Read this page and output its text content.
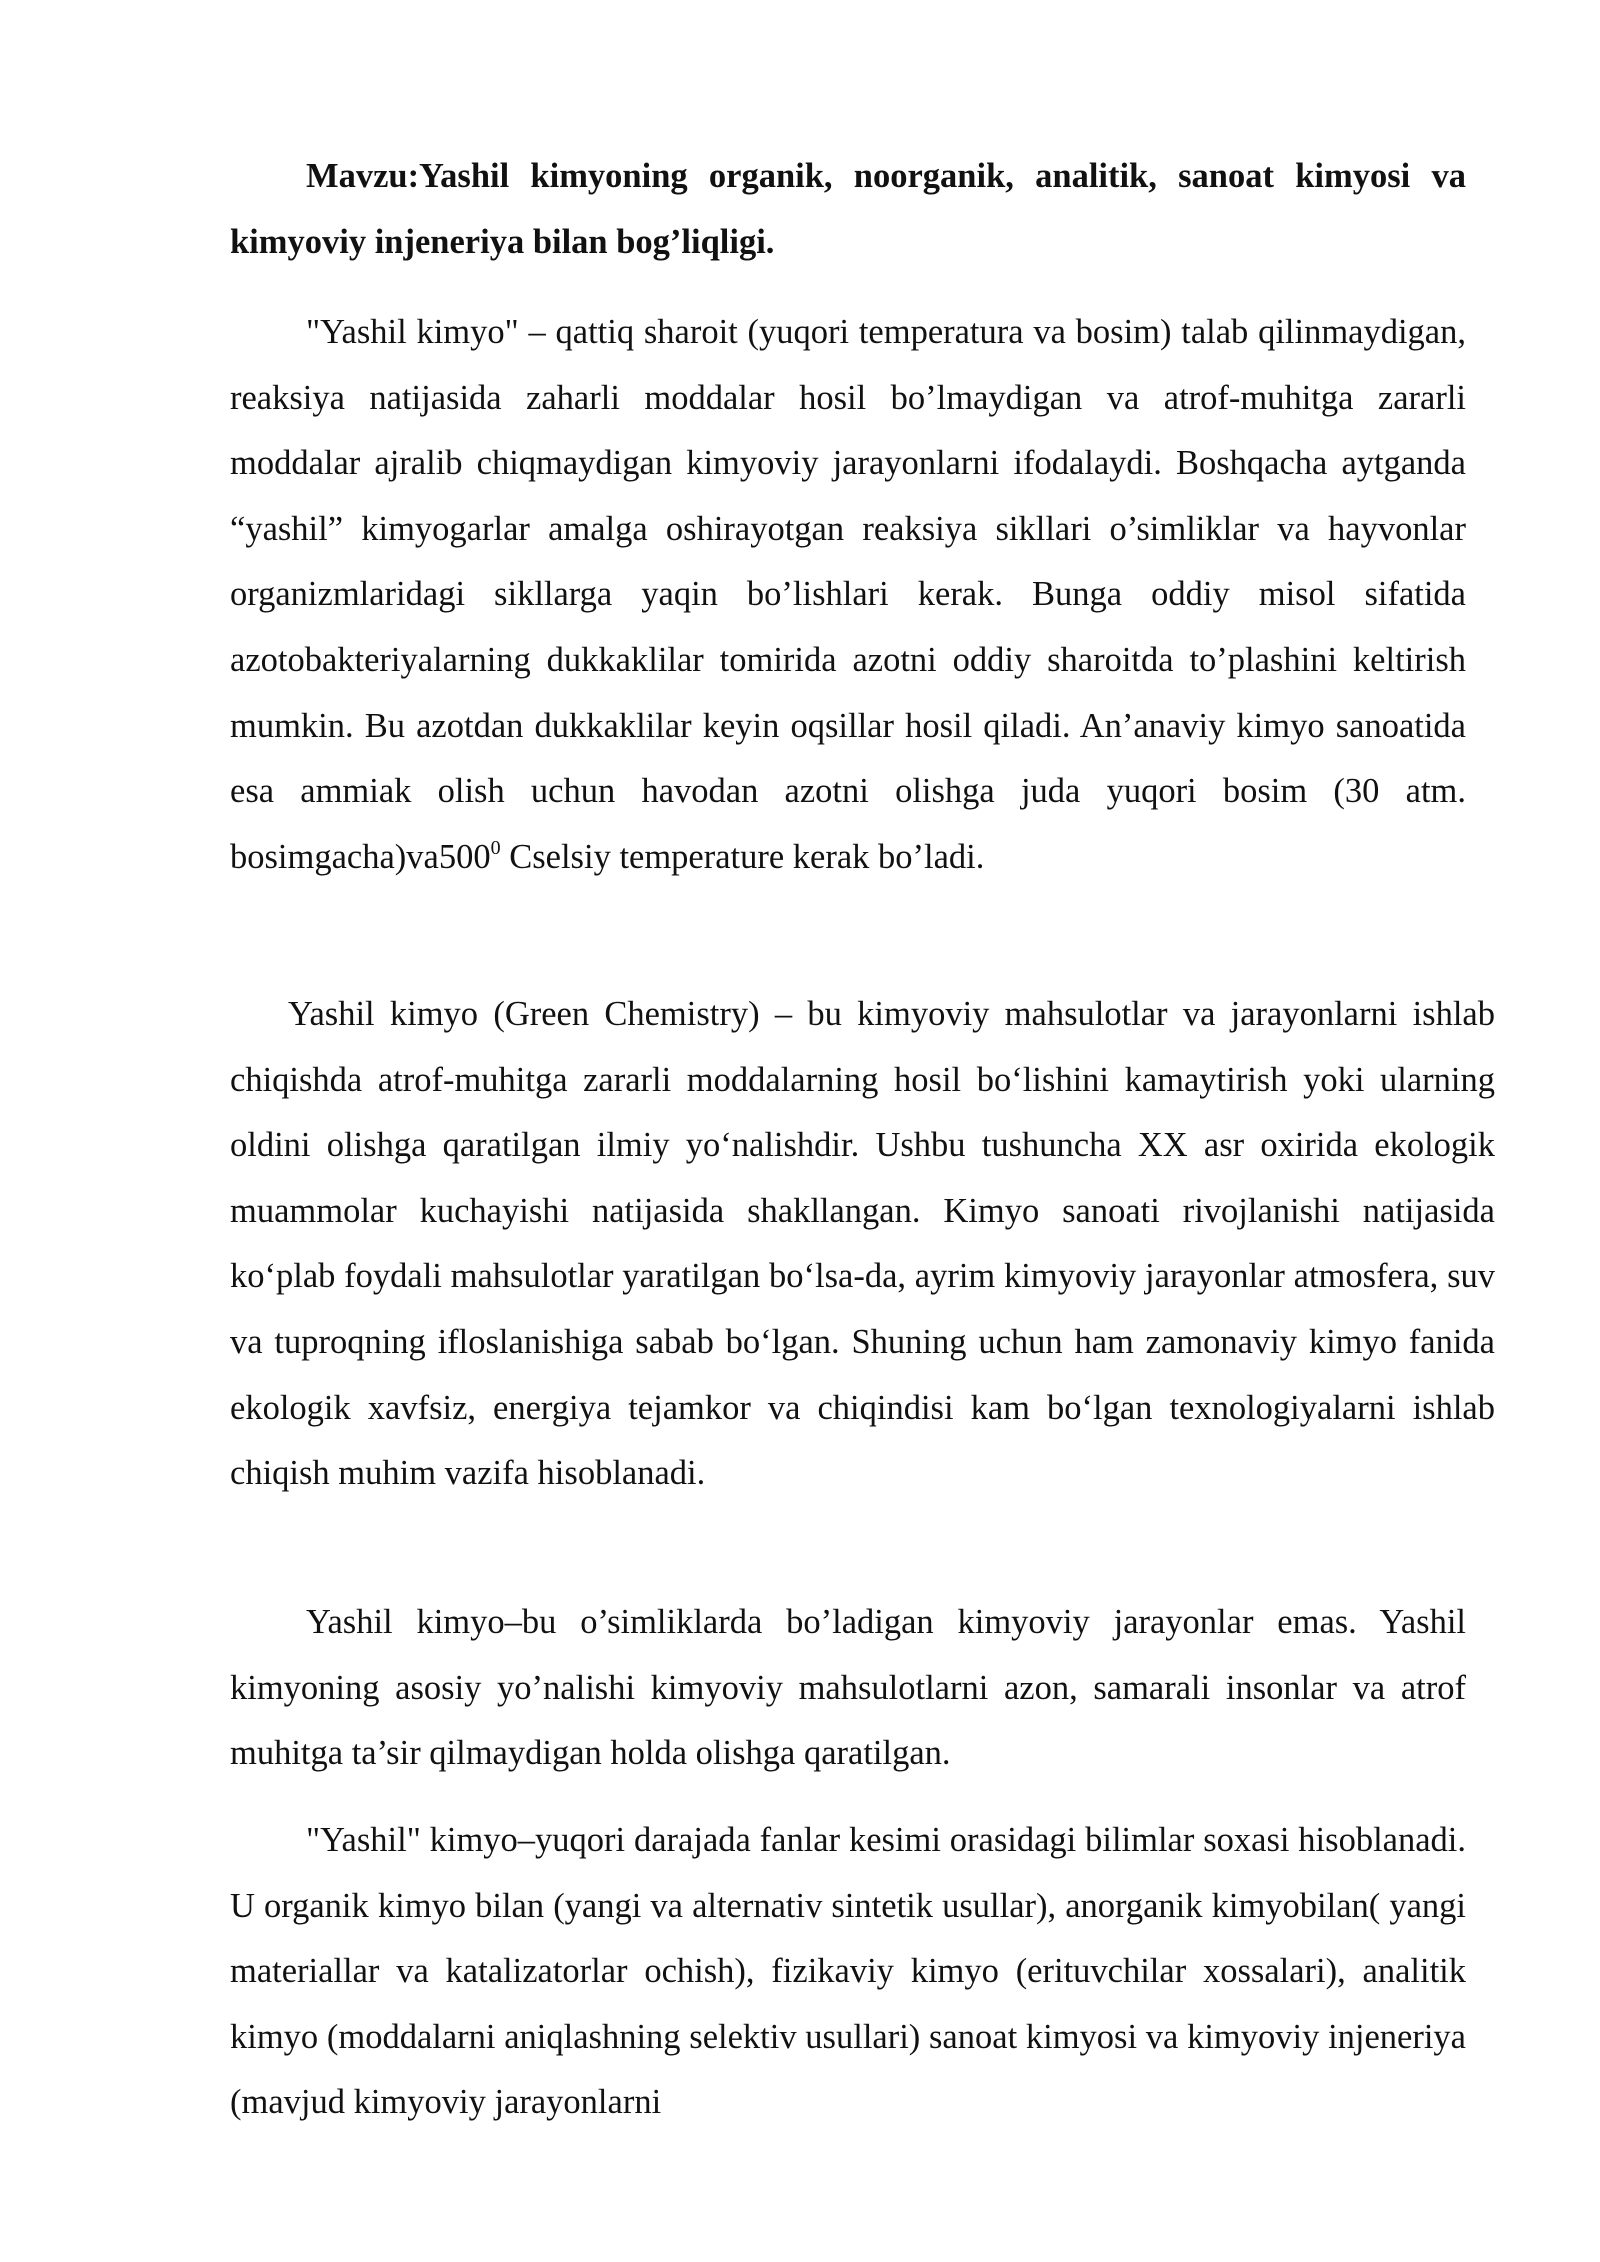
Mavzu:Yashil kimyoning organik, noorganik, analitik, sanoat kimyosi va kimyoviy injeneriya bilan bog’liqligi.

"Yashil kimyo" – qattiq sharoit (yuqori temperatura va bosim) talab qilinmaydigan, reaksiya natijasida zaharli moddalar hosil bo’lmaydigan va atrof-muhitga zararli moddalar ajralib chiqmaydigan kimyoviy jarayonlarni ifodalaydi. Boshqacha aytganda “yashil” kimyogarlar amalga oshirayotgan reaksiya sikllari o’simliklar va hayvonlar organizmlaridagi sikllarga yaqin bo’lishlari kerak. Bunga oddiy misol sifatida azotobakteriyalarning dukkaklilar tomirida azotni oddiy sharoitda to’plashini keltirish mumkin. Bu azotdan dukkaklilar keyin oqsillar hosil qiladi. An’anaviy kimyo sanoatida esa ammiak olish uchun havodan azotni olishga juda yuqori bosim (30 atm. $bosimgacha)va500^0$ Cselsiy temperature kerak bo’ladi.

Yashil kimyo (Green Chemistry) – bu kimyoviy mahsulotlar va jarayonlarni ishlab chiqishda atrof-muhitga zararli moddalarning hosil bo‘lishini kamaytirish yoki ularning oldini olishga qaratilgan ilmiy yo‘nalishdir. Ushbu tushuncha XX asr oxirida ekologik muammolar kuchayishi natijasida shakllangan. Kimyo sanoati rivojlanishi natijasida ko‘plab foydali mahsulotlar yaratilgan bo‘lsa-da, ayrim kimyoviy jarayonlar atmosfera, suv va tuproqning ifloslanishiga sabab bo‘lgan. Shuning uchun ham zamonaviy kimyo fanida ekologik xavfsiz, energiya tejamkor va chiqindisi kam bo‘lgan texnologiyalarni ishlab chiqish muhim vazifa hisoblanadi.

Yashil kimyo–bu o’simliklarda bo’ladigan kimyoviy jarayonlar emas. Yashil kimyoning asosiy yo’nalishi kimyoviy mahsulotlarni azon, samarali insonlar va atrof muhitga ta’sir qilmaydigan holda olishga qaratilgan.

"Yashil" kimyo–yuqori darajada fanlar kesimi orasidagi bilimlar soxasi hisoblanadi. U organik kimyo bilan (yangi va alternativ sintetik usullar), anorganik kimyobilan( yangi materiallar va katalizatorlar ochish), fizikaviy kimyo (erituvchilar xossalari), analitik kimyo (moddalarni aniqlashning selektiv usullari) sanoat kimyosi va kimyoviy injeneriya (mavjud kimyoviy jarayonlarni
